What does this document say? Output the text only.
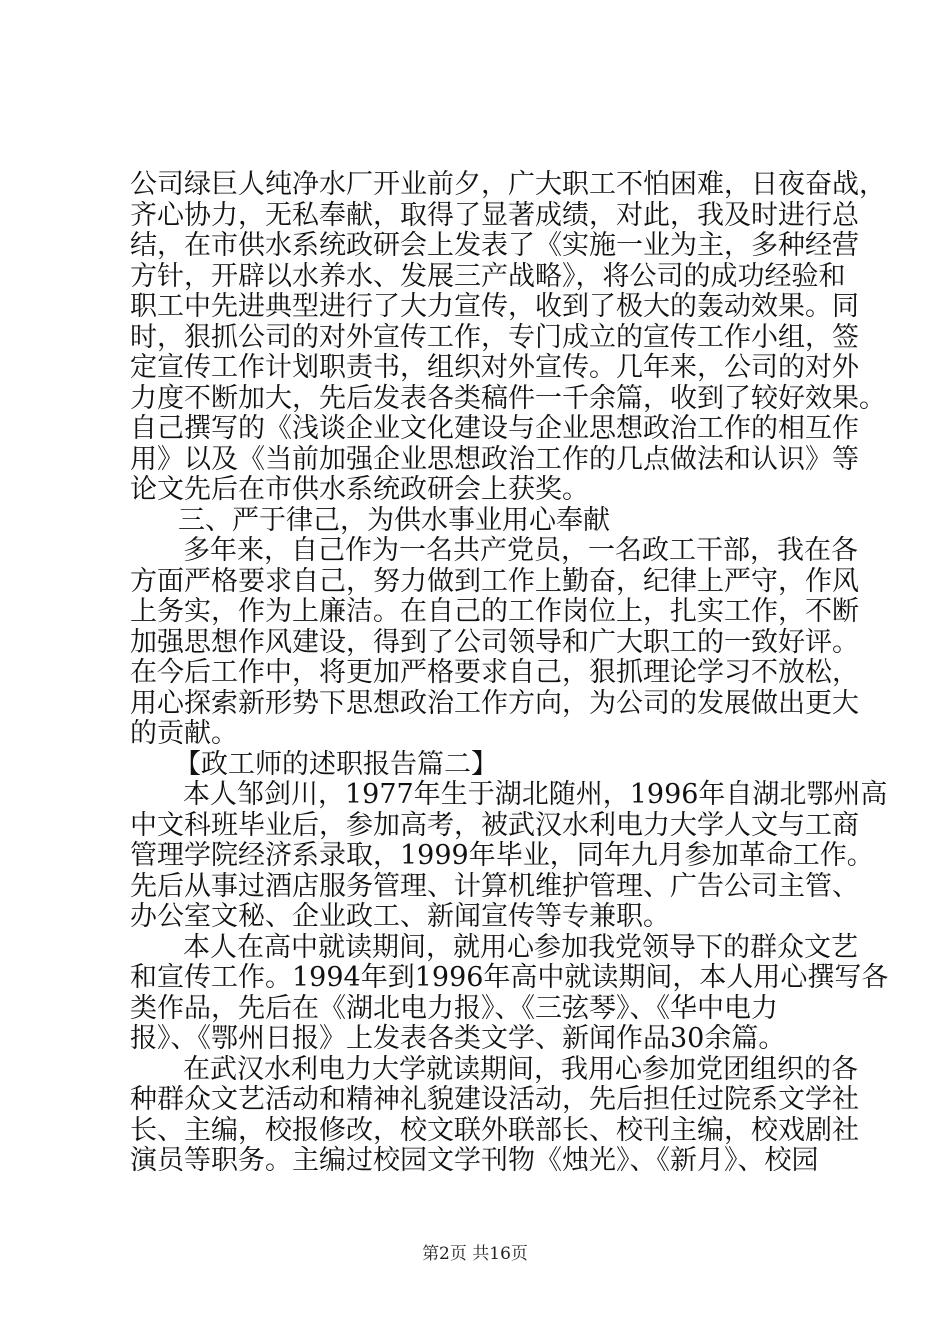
公司绿巨人纯净水厂开业前夕，广大职工不怕困难，日夜奋战，
齐心协力，无私奉献，取得了显著成绩，对此，我及时进行总
结，在市供水系统政研会上发表了《实施一业为主，多种经营
方针，开辟以水养水、发展三产战略》，将公司的成功经验和
职工中先进典型进行了大力宣传，收到了极大的轰动效果。同
时，狠抓公司的对外宣传工作，专门成立的宣传工作小组，签
定宣传工作计划职责书，组织对外宣传。几年来，公司的对外
力度不断加大，先后发表各类稿件一千余篇，收到了较好效果。
自己撰写的《浅谈企业文化建设与企业思想政治工作的相互作
用》以及《当前加强企业思想政治工作的几点做法和认识》等
论文先后在市供水系统政研会上获奖。
三、严于律己，为供水事业用心奉献
多年来，自己作为一名共产党员，一名政工干部，我在各
方面严格要求自己，努力做到工作上勤奋，纪律上严守，作风
上务实，作为上廉洁。在自己的工作岗位上，扎实工作，不断
加强思想作风建设，得到了公司领导和广大职工的一致好评。
在今后工作中，将更加严格要求自己，狠抓理论学习不放松，
用心探索新形势下思想政治工作方向，为公司的发展做出更大
的贡献。
【政工师的述职报告篇二】
本人邹剑川，1977年生于湖北随州，1996年自湖北鄂州高
中文科班毕业后，参加高考，被武汉水利电力大学人文与工商
管理学院经济系录取，1999年毕业，同年九月参加革命工作。
先后从事过酒店服务管理、计算机维护管理、广告公司主管、
办公室文秘、企业政工、新闻宣传等专兼职。
本人在高中就读期间，就用心参加我党领导下的群众文艺
和宣传工作。1994年到1996年高中就读期间，本人用心撰写各
类作品，先后在《湖北电力报》、《三弦琴》、《华中电力
报》、《鄂州日报》上发表各类文学、新闻作品30余篇。
在武汉水利电力大学就读期间，我用心参加党团组织的各
种群众文艺活动和精神礼貌建设活动，先后担任过院系文学社
长、主编，校报修改，校文联外联部长、校刊主编，校戏剧社
演员等职务。主编过校园文学刊物《烛光》、《新月》、校园
第2页 共16页
